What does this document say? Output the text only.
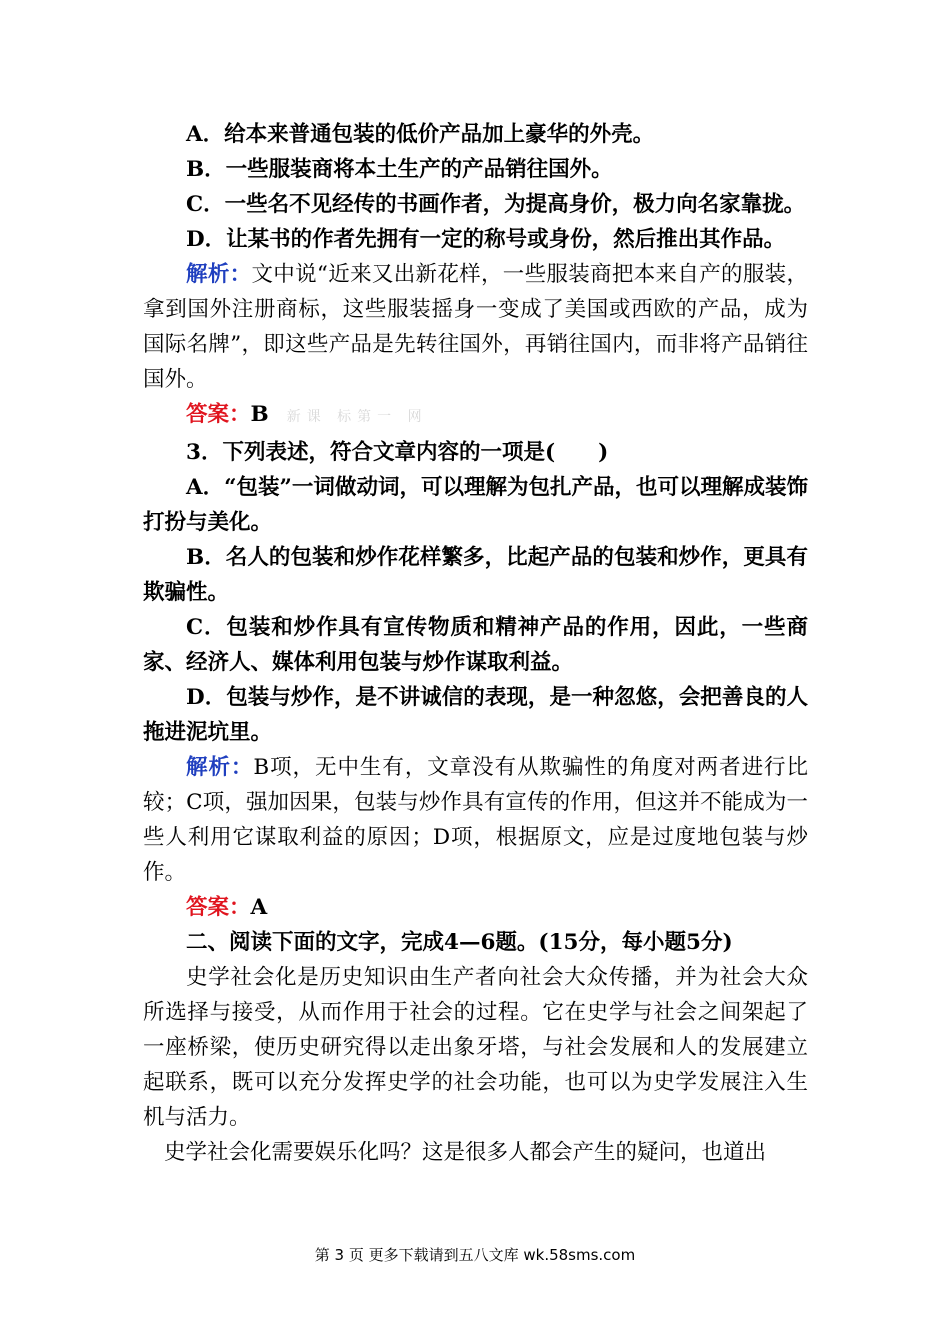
A．给本来普通包装的低价产品加上豪华的外壳。

B．一些服装商将本土生产的产品销往国外。

C．一些名不见经传的书画作者，为提高身价，极力向名家靠拢。

D．让某书的作者先拥有一定的称号或身份，然后推出其作品。

解析：文中说“近来又出新花样，一些服装商把本来自产的服装，拿到国外注册商标，这些服装摇身一变成了美国或西欧的产品，成为国际名牌”，即这些产品是先转往国外，再销往国内，而非将产品销往国外。

答案：B 新课 标第一 网

3．下列表述，符合文章内容的一项是(　　)

A．“包装”一词做动词，可以理解为包扎产品，也可以理解成装饰打扮与美化。

B．名人的包装和炒作花样繁多，比起产品的包装和炒作，更具有欺骗性。

C．包装和炒作具有宣传物质和精神产品的作用，因此，一些商家、经济人、媒体利用包装与炒作谋取利益。

D．包装与炒作，是不讲诚信的表现，是一种忽悠，会把善良的人拖进泥坑里。

解析：B项，无中生有，文章没有从欺骗性的角度对两者进行比较；C项，强加因果，包装与炒作具有宣传的作用，但这并不能成为一些人利用它谋取利益的原因；D项，根据原文，应是过度地包装与炒作。

答案：A

二、阅读下面的文字，完成4—6题。(15分，每小题5分)

史学社会化是历史知识由生产者向社会大众传播，并为社会大众所选择与接受，从而作用于社会的过程。它在史学与社会之间架起了一座桥梁，使历史研究得以走出象牙塔，与社会发展和人的发展建立起联系，既可以充分发挥史学的社会功能，也可以为史学发展注入生机与活力。

史学社会化需要娱乐化吗？这是很多人都会产生的疑问，也道出

第 3 页 更多下载请到五八文库 wk.58sms.com
